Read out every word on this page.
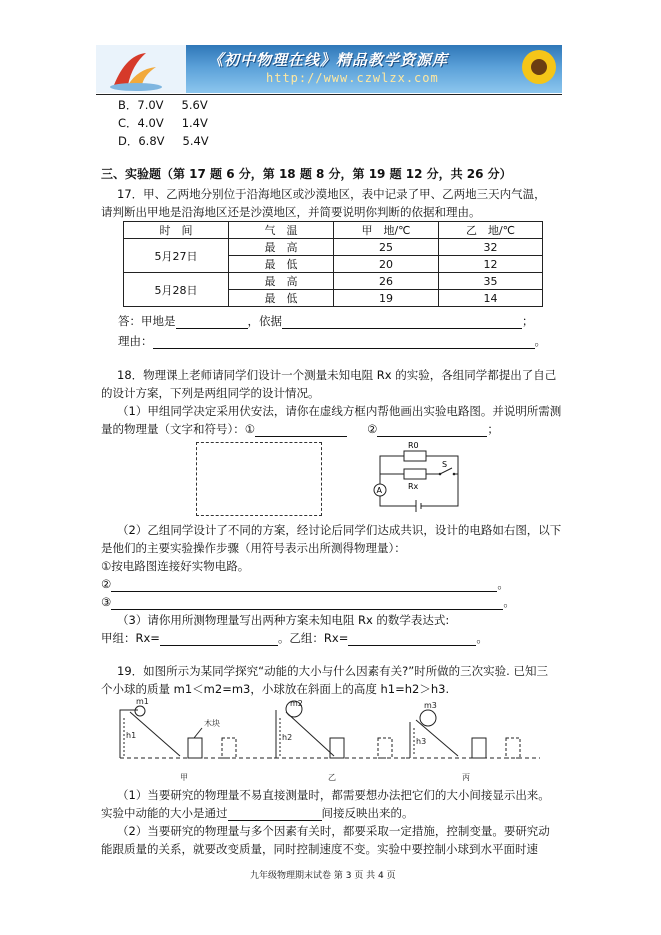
《初中物理在线》精品教学资源库
http://www.czwlzx.com
B．7.0V 5.6V
C．4.0V 1.4V
D．6.8V 5.4V
三、实验题（第 17 题 6 分，第 18 题 8 分，第 19 题 12 分，共 26 分）
17．甲、乙两地分别位于沿海地区或沙漠地区，表中记录了甲、乙两地三天内气温，
请判断出甲地是沿海地区还是沙漠地区，并简要说明你判断的依据和理由。
时　间	气　温	甲　地/℃	乙　地/℃
5月27日	最　高	25	32
	最　低	20	12
5月28日	最　高	26	35
	最　低	19	14
答：甲地是	，依据	；
理由：	。
18．物理课上老师请同学们设计一个测量未知电阻 Rx 的实验，各组同学都提出了自己
的设计方案，下列是两组同学的设计情况。
（1）甲组同学决定采用伏安法，请你在虚线方框内帮他画出实验电路图。并说明所需测
量的物理量（文字和符号）：①	②	；
R0
Rx
S
A
（2）乙组同学设计了不同的方案，经讨论后同学们达成共识，设计的电路如右图，以下
是他们的主要实验操作步骤（用符号表示出所测得物理量）：
①按电路图连接好实物电路。
②	。
③	。
（3）请你用所测物理量写出两种方案未知电阻 Rx 的数学表达式:
甲组：Rx=	。乙组：Rx=	。
19．如图所示为某同学探究“动能的大小与什么因素有关?”时所做的三次实验. 已知三
个小球的质量 m1＜m2=m3，小球放在斜面上的高度 h1=h2＞h3.
m1	m2	m3
h1	h2	h3
木块
甲	乙	丙
（1）当要研究的物理量不易直接测量时，都需要想办法把它们的大小间接显示出来。
实验中动能的大小是通过	间接反映出来的。
（2）当要研究的物理量与多个因素有关时，都要采取一定措施，控制变量。要研究动
能跟质量的关系，就要改变质量，同时控制速度不变。实验中要控制小球到水平面时速
九年级物理期末试卷 第 3 页 共 4 页
